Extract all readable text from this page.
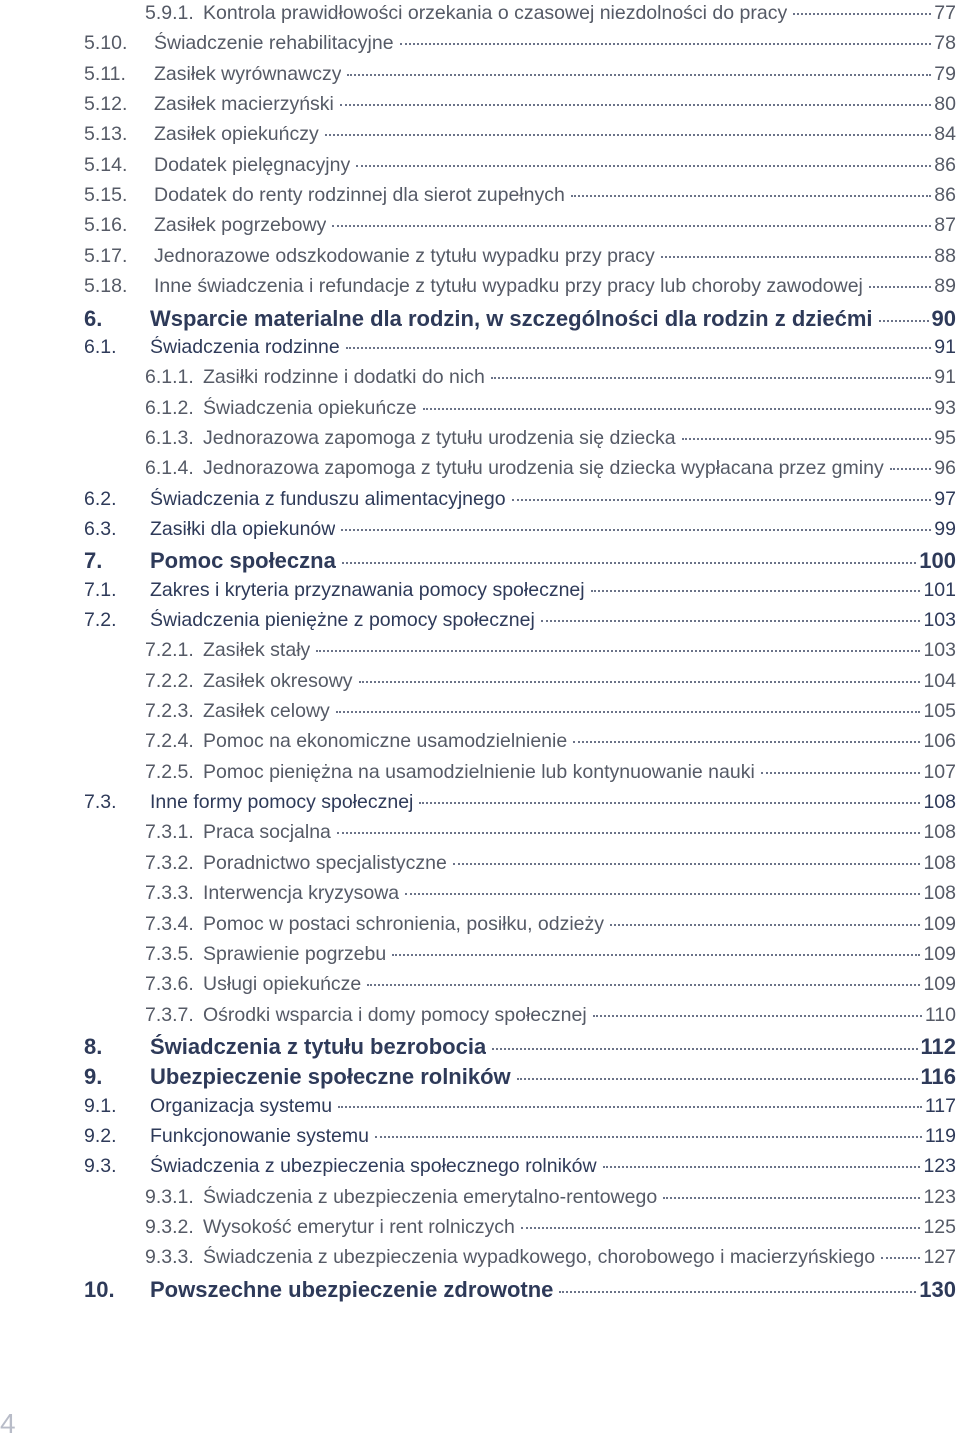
5.9.1. Kontrola prawidłowości orzekania o czasowej niezdolności do pracy	77
5.10.	Świadczenie rehabilitacyjne	78
5.11.	Zasiłek wyrównawczy	79
5.12.	Zasiłek macierzyński	80
5.13.	Zasiłek opiekuńczy	84
5.14.	Dodatek pielęgnacyjny	86
5.15.	Dodatek do renty rodzinnej dla sierot zupełnych	86
5.16.	Zasiłek pogrzebowy	87
5.17.	Jednorazowe odszkodowanie z tytułu wypadku przy pracy	88
5.18.	Inne świadczenia i refundacje z tytułu wypadku przy pracy lub choroby zawodowej	89
6.	Wsparcie materialne dla rodzin, w szczególności dla rodzin z dziećmi	90
6.1.	Świadczenia rodzinne	91
6.1.1. Zasiłki rodzinne i dodatki do nich	91
6.1.2. Świadczenia opiekuńcze	93
6.1.3. Jednorazowa zapomoga z tytułu urodzenia się dziecka	95
6.1.4. Jednorazowa zapomoga z tytułu urodzenia się dziecka wypłacana przez gminy	96
6.2.	Świadczenia z funduszu alimentacyjnego	97
6.3.	Zasiłki dla opiekunów	99
7.	Pomoc społeczna	100
7.1.	Zakres i kryteria przyznawania pomocy społecznej	101
7.2.	Świadczenia pieniężne z pomocy społecznej	103
7.2.1. Zasiłek stały	103
7.2.2. Zasiłek okresowy	104
7.2.3. Zasiłek celowy	105
7.2.4. Pomoc na ekonomiczne usamodzielnienie	106
7.2.5. Pomoc pieniężna na usamodzielnienie lub kontynuowanie nauki	107
7.3.	Inne formy pomocy społecznej	108
7.3.1. Praca socjalna	108
7.3.2. Poradnictwo specjalistyczne	108
7.3.3. Interwencja kryzysowa	108
7.3.4. Pomoc w postaci schronienia, posiłku, odzieży	109
7.3.5. Sprawienie pogrzebu	109
7.3.6. Usługi opiekuńcze	109
7.3.7. Ośrodki wsparcia i domy pomocy społecznej	110
8.	Świadczenia z tytułu bezrobocia	112
9.	Ubezpieczenie społeczne rolników	116
9.1.	Organizacja systemu	117
9.2.	Funkcjonowanie systemu	119
9.3.	Świadczenia z ubezpieczenia społecznego rolników	123
9.3.1. Świadczenia z ubezpieczenia emerytalno-rentowego	123
9.3.2. Wysokość emerytur i rent rolniczych	125
9.3.3. Świadczenia z ubezpieczenia wypadkowego, chorobowego i macierzyńskiego 127
10.	Powszechne ubezpieczenie zdrowotne	130
4
